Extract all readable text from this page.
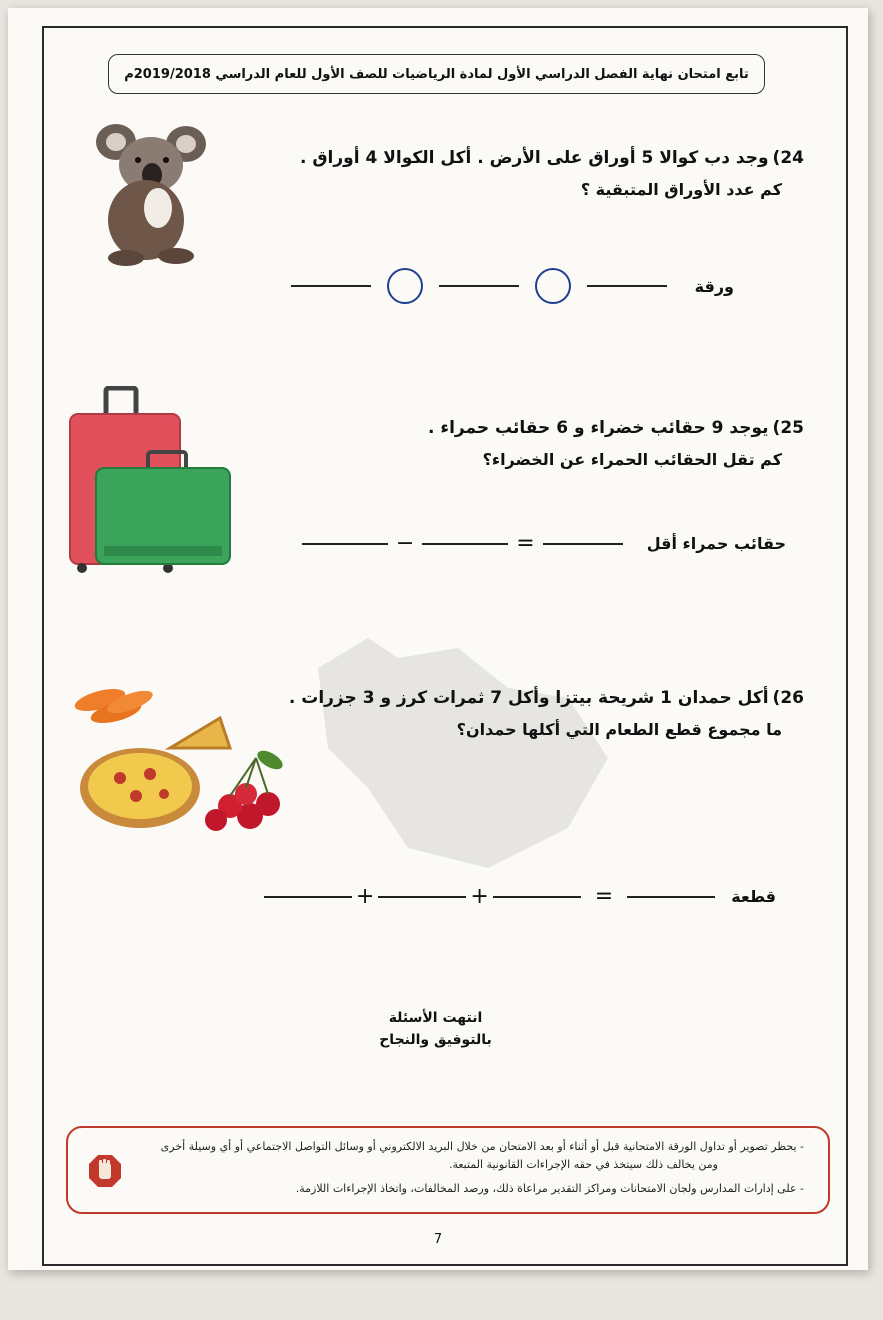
تابع امتحان نهاية الفصل الدراسي الأول لمادة الرياضيات للصف الأول للعام الدراسي 2019/2018م
24)وجد دب كوالا 5 أوراق على الأرض . أكل الكوالا 4 أوراق .
كم عدد الأوراق المتبقية ؟
ورقة
25)يوجد 9 حقائب خضراء و 6 حقائب حمراء .
كم تقل الحقائب الحمراء عن الخضراء؟
حقائب حمراء أقل
=
−
26)أكل حمدان 1 شريحة بيتزا وأكل 7 ثمرات كرز و 3 جزرات .
ما مجموع قطع الطعام التي أكلها حمدان؟
قطعة
=
+
+
انتهت الأسئلة
بالتوفيق والنجاح
- يحظر تصوير أو تداول الورقة الامتحانية قبل أو أثناء أو بعد الامتحان من خلال البريد الالكتروني أو وسائل التواصل الاجتماعي أو أي وسيلة أخرى
ومن يخالف ذلك سيتخذ في حقه الإجراءات القانونية المتبعة.
- على إدارات المدارس ولجان الامتحانات ومراكز التقدير مراعاة ذلك، ورصد المخالفات، واتخاذ الإجراءات اللازمة.
7
